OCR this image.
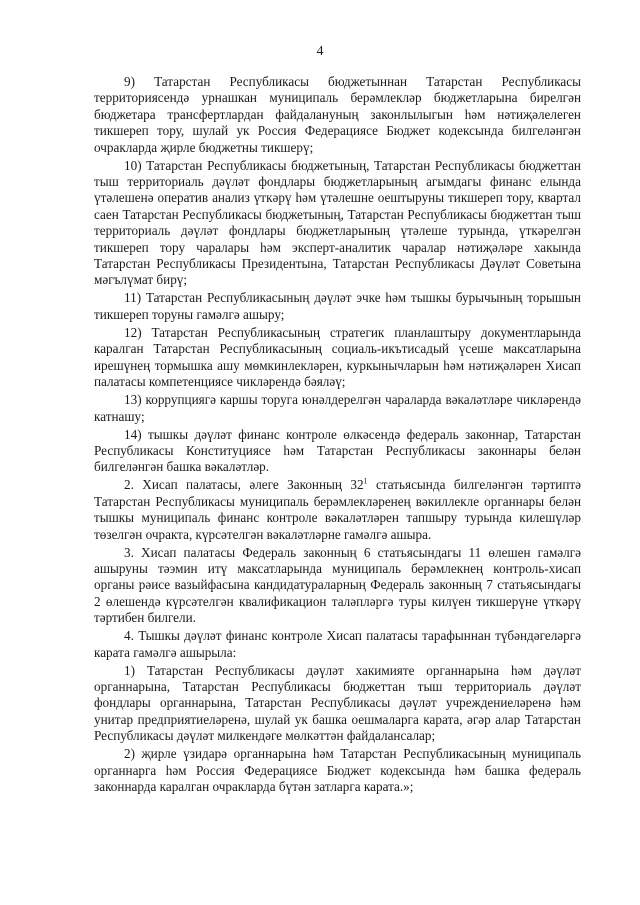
4

9) Татарстан Республикасы бюджетыннан Татарстан Республикасы территориясендә урнашкан муниципаль берәмлекләр бюджетларына бирелгән бюджетара трансфертлардан файдалануның законлылыгын һәм нәтиҗәлелеген тикшереп тору, шулай ук Россия Федерациясе Бюджет кодексында билгеләнгән очракларда җирле бюджетны тикшерү;

10) Татарстан Республикасы бюджетының, Татарстан Республикасы бюджеттан тыш территориаль дәүләт фондлары бюджетларының агымдагы финанс елында үтәлешенә оператив анализ үткәрү һәм үтәлешне оештыруны тикшереп тору, квартал саен Татарстан Республикасы бюджетының, Татарстан Республикасы бюджеттан тыш территориаль дәүләт фондлары бюджетларының үтәлеше турында, үткәрелгән тикшереп тору чаралары һәм эксперт-аналитик чаралар нәтиҗәләре хакында Татарстан Республикасы Президентына, Татарстан Республикасы Дәүләт Советына мәгълүмат бирү;

11) Татарстан Республикасының дәүләт эчке һәм тышкы бурычының торышын тикшереп торуны гамәлгә ашыру;

12) Татарстан Республикасының стратегик планлаштыру документларында каралган Татарстан Республикасының социаль-икътисадый үсеше максатларына ирешүнең тормышка ашу мөмкинлекләрен, куркынычларын һәм нәтиҗәләрен Хисап палатасы компетенциясе чикләрендә бәяләү;

13) коррупциягә каршы торуга юнәлдерелгән чараларда вәкаләтләре чикләрендә катнашу;

14) тышкы дәүләт финанс контроле өлкәсендә федераль законнар, Татарстан Республикасы Конституциясе һәм Татарстан Республикасы законнары белән билгеләнгән башка вәкаләтләр.

2. Хисап палатасы, әлеге Законның $32^1$ статьясында билгеләнгән тәртиптә Татарстан Республикасы муниципаль берәмлекләренең вәкиллекле органнары белән тышкы муниципаль финанс контроле вәкаләтләрен тапшыру турында килешүләр төзелгән очракта, күрсәтелгән вәкаләтләрне гамәлгә ашыра.

3. Хисап палатасы Федераль законның 6 статьясындагы 11 өлешен гамәлгә ашыруны тәэмин итү максатларында муниципаль берәмлекнең контроль-хисап органы рәисе вазыйфасына кандидатураларның Федераль законның 7 статьясындагы 2 өлешендә күрсәтелгән квалификацион таләпләргә туры килүен тикшерүне үткәрү тәртибен билгели.

4. Тышкы дәүләт финанс контроле Хисап палатасы тарафыннан түбәндәгеләргә карата гамәлгә ашырыла:

1) Татарстан Республикасы дәүләт хакимияте органнарына һәм дәүләт органнарына, Татарстан Республикасы бюджеттан тыш территориаль дәүләт фондлары органнарына, Татарстан Республикасы дәүләт учреждениеләренә һәм унитар предприятиеләренә, шулай ук башка оешмаларга карата, әгәр алар Татарстан Республикасы дәүләт милкендәге мөлкәттән файдалансалар;

2) җирле үзидарә органнарына һәм Татарстан Республикасының муниципаль органнарга һәм Россия Федерациясе Бюджет кодексында һәм башка федераль законнарда каралган очракларда бүтән затларга карата.»;
